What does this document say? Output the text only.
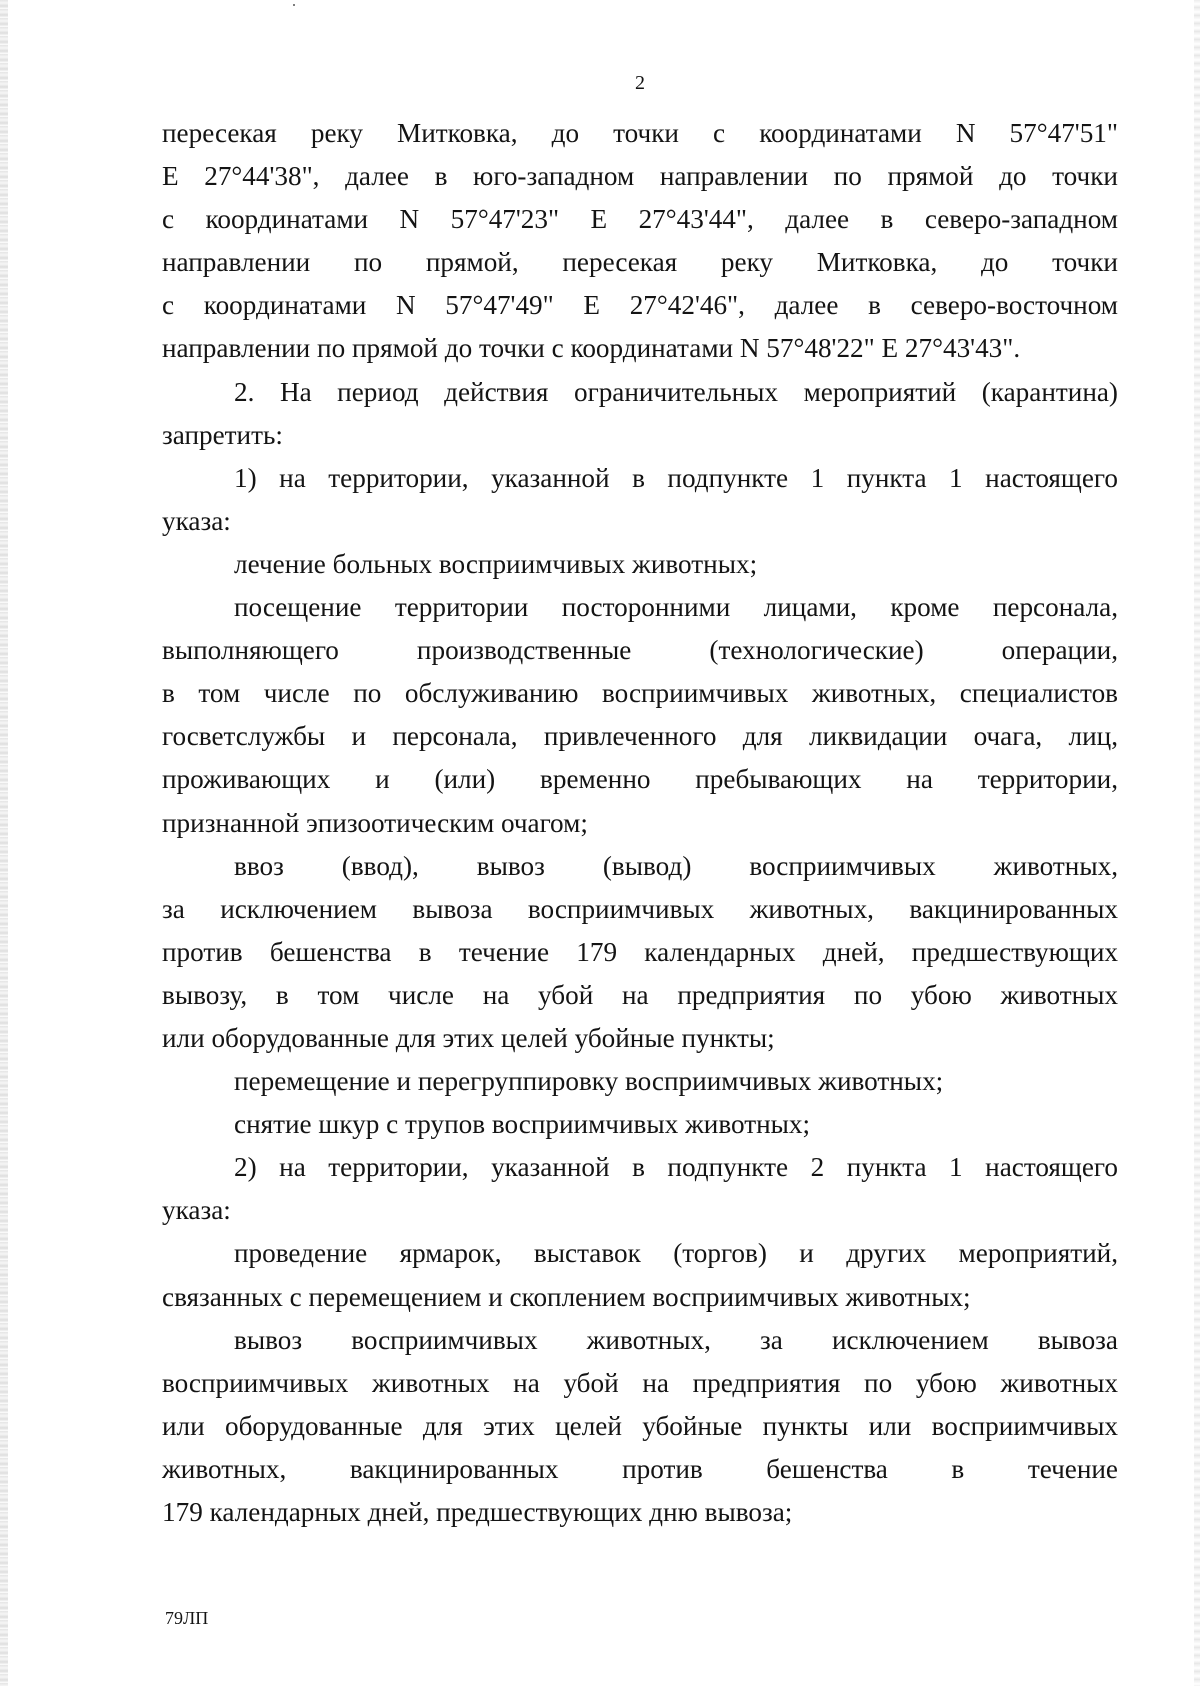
2

пересекая реку Митковка, до точки с координатами N 57°47'51"

E 27°44'38", далее в юго-западном направлении по прямой до точки

с координатами N 57°47'23" E 27°43'44", далее в северо-западном

направлении по прямой, пересекая реку Митковка, до точки

с координатами N 57°47'49" E 27°42'46", далее в северо-восточном

направлении по прямой до точки с координатами N 57°48'22" E 27°43'43".

2. На период действия ограничительных мероприятий (карантина)

запретить:

1) на территории, указанной в подпункте 1 пункта 1 настоящего

указа:

лечение больных восприимчивых животных;

посещение территории посторонними лицами, кроме персонала,

выполняющего производственные (технологические) операции,

в том числе по обслуживанию восприимчивых животных, специалистов

госветслужбы и персонала, привлеченного для ликвидации очага, лиц,

проживающих и (или) временно пребывающих на территории,

признанной эпизоотическим очагом;

ввоз (ввод), вывоз (вывод) восприимчивых животных,

за исключением вывоза восприимчивых животных, вакцинированных

против бешенства в течение 179 календарных дней, предшествующих

вывозу, в том числе на убой на предприятия по убою животных

или оборудованные для этих целей убойные пункты;

перемещение и перегруппировку восприимчивых животных;

снятие шкур с трупов восприимчивых животных;

2) на территории, указанной в подпункте 2 пункта 1 настоящего

указа:

проведение ярмарок, выставок (торгов) и других мероприятий,

связанных с перемещением и скоплением восприимчивых животных;

вывоз восприимчивых животных, за исключением вывоза

восприимчивых животных на убой на предприятия по убою животных

или оборудованные для этих целей убойные пункты или восприимчивых

животных, вакцинированных против бешенства в течение

179 календарных дней, предшествующих дню вывоза;

79ЛП
